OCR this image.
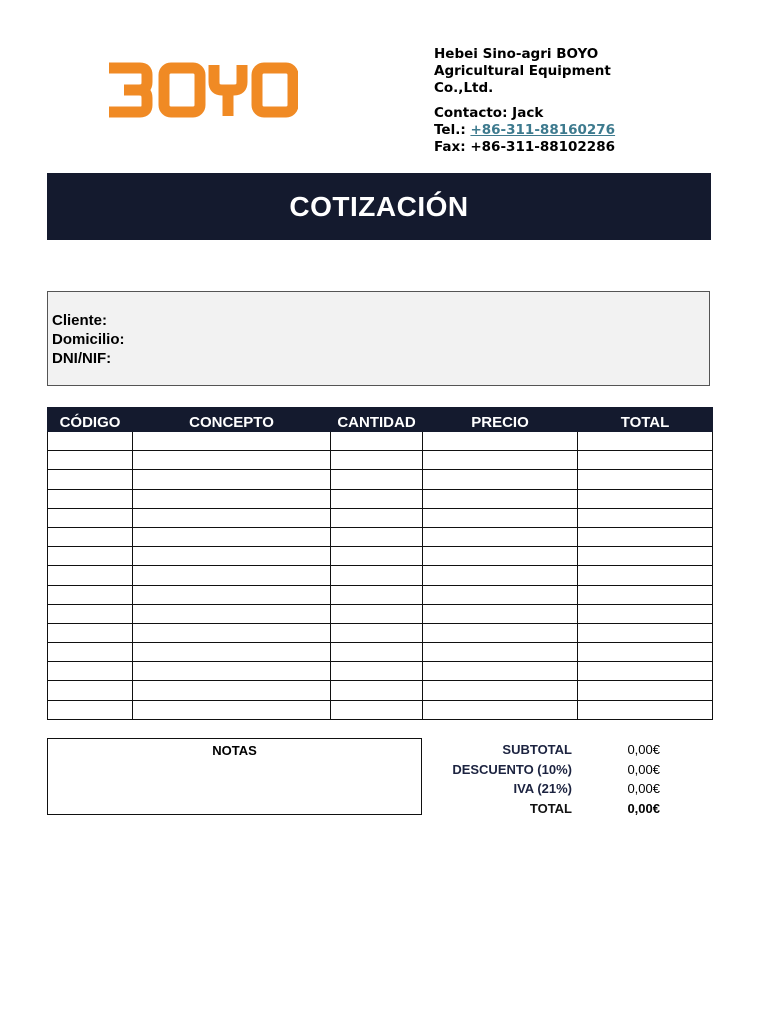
Hebei Sino-agri BOYO
Agricultural Equipment
Co.,Ltd.
Contacto: Jack
Tel.: +86-311-88160276
Fax: +86-311-88102286
COTIZACIÓN
Cliente:
Domicilio:
DNI/NIF:
CÓDIGO	CONCEPTO	CANTIDAD	PRECIO	TOTAL

NOTAS	SUBTOTAL	0,00€
DESCUENTO (10%)	0,00€
IVA (21%)	0,00€
TOTAL	0,00€
